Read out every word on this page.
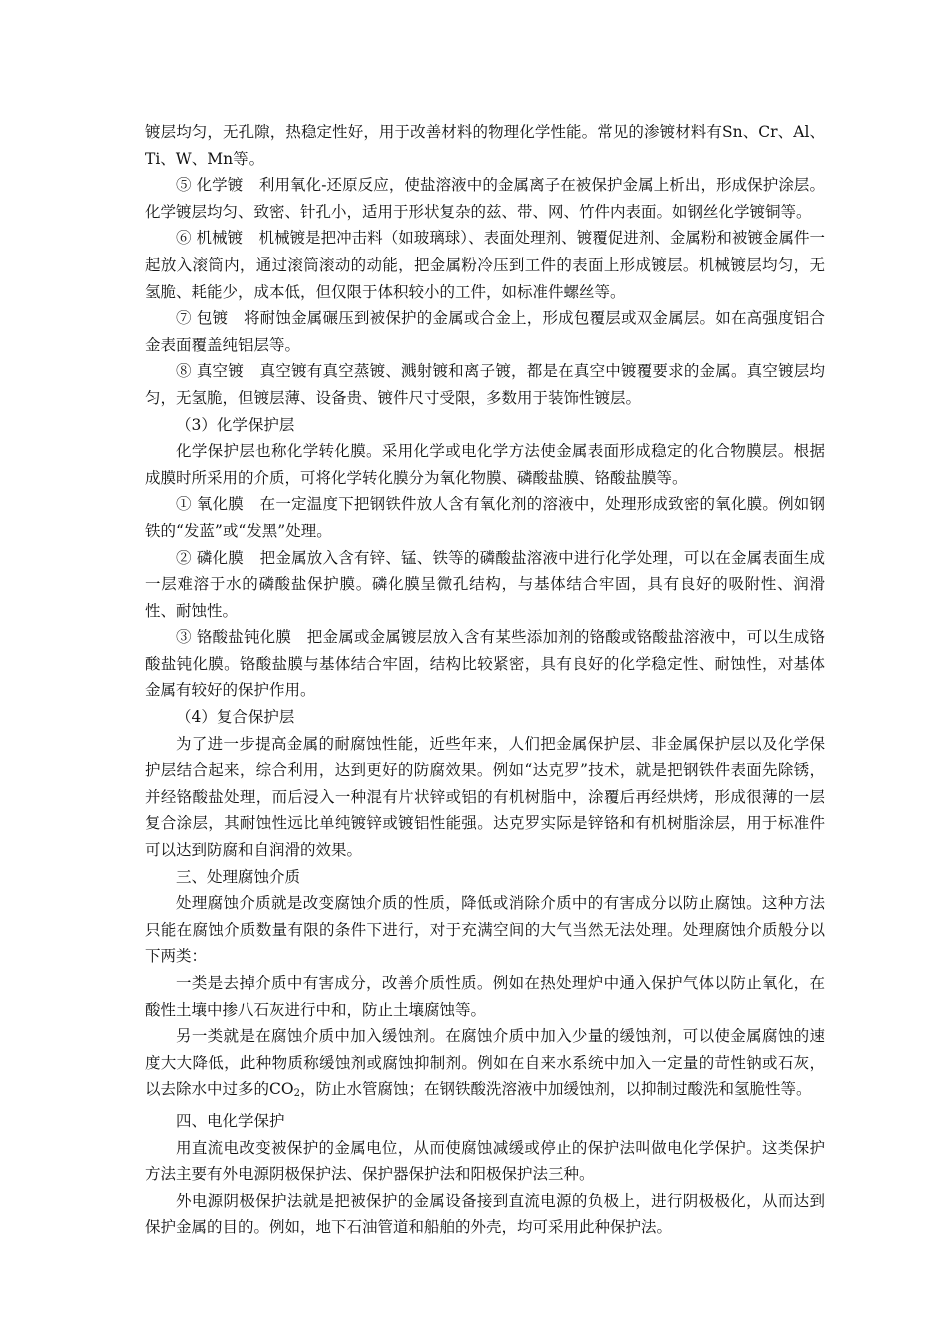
镀层均匀，无孔隙，热稳定性好，用于改善材料的物理化学性能。常见的渗镀材料有Sn、Cr、Al、Ti、W、Mn等。

⑤ 化学镀　利用氧化-还原反应，使盐溶液中的金属离子在被保护金属上析出，形成保护涂层。化学镀层均匀、致密、针孔小，适用于形状复杂的兹、带、网、竹件内表面。如钢丝化学镀铜等。

⑥ 机械镀　机械镀是把冲击料（如玻璃球）、表面处理剂、镀覆促进剂、金属粉和被镀金属件一起放入滚筒内，通过滚筒滚动的动能，把金属粉冷压到工件的表面上形成镀层。机械镀层均匀，无氢脆、耗能少，成本低，但仅限于体积较小的工件，如标准件螺丝等。

⑦ 包镀　将耐蚀金属碾压到被保护的金属或合金上，形成包覆层或双金属层。如在高强度铝合金表面覆盖纯铝层等。

⑧ 真空镀　真空镀有真空蒸镀、溅射镀和离子镀，都是在真空中镀覆要求的金属。真空镀层均匀，无氢脆，但镀层薄、设备贵、镀件尺寸受限，多数用于装饰性镀层。

（3）化学保护层

化学保护层也称化学转化膜。采用化学或电化学方法使金属表面形成稳定的化合物膜层。根据成膜时所采用的介质，可将化学转化膜分为氧化物膜、磷酸盐膜、铬酸盐膜等。

① 氧化膜　在一定温度下把钢铁件放人含有氧化剂的溶液中，处理形成致密的氧化膜。例如钢铁的“发蓝”或“发黑”处理。

② 磷化膜　把金属放入含有锌、锰、铁等的磷酸盐溶液中进行化学处理，可以在金属表面生成一层难溶于水的磷酸盐保护膜。磷化膜呈微孔结构，与基体结合牢固，具有良好的吸附性、润滑性、耐蚀性。

③ 铬酸盐钝化膜　把金属或金属镀层放入含有某些添加剂的铬酸或铬酸盐溶液中，可以生成铬酸盐钝化膜。铬酸盐膜与基体结合牢固，结构比较紧密，具有良好的化学稳定性、耐蚀性，对基体金属有较好的保护作用。

（4）复合保护层

为了进一步提高金属的耐腐蚀性能，近些年来，人们把金属保护层、非金属保护层以及化学保护层结合起来，综合利用，达到更好的防腐效果。例如“达克罗”技术，就是把钢铁件表面先除锈，并经铬酸盐处理，而后浸入一种混有片状锌或铝的有机树脂中，涂覆后再经烘烤，形成很薄的一层复合涂层，其耐蚀性远比单纯镀锌或镀铝性能强。达克罗实际是锌铬和有机树脂涂层，用于标准件可以达到防腐和自润滑的效果。

三、处理腐蚀介质

处理腐蚀介质就是改变腐蚀介质的性质，降低或消除介质中的有害成分以防止腐蚀。这种方法只能在腐蚀介质数量有限的条件下进行，对于充满空间的大气当然无法处理。处理腐蚀介质般分以下两类：

一类是去掉介质中有害成分，改善介质性质。例如在热处理炉中通入保护气体以防止氧化，在酸性土壤中掺八石灰进行中和，防止土壤腐蚀等。

另一类就是在腐蚀介质中加入缓蚀剂。在腐蚀介质中加入少量的缓蚀剂，可以使金属腐蚀的速度大大降低，此种物质称缓蚀剂或腐蚀抑制剂。例如在自来水系统中加入一定量的苛性钠或石灰，以去除水中过多的$CO_2$，防止水管腐蚀；在钢铁酸洗溶液中加缓蚀剂，以抑制过酸洗和氢脆性等。

四、电化学保护

用直流电改变被保护的金属电位，从而使腐蚀减缓或停止的保护法叫做电化学保护。这类保护方法主要有外电源阴极保护法、保护器保护法和阳极保护法三种。

外电源阴极保护法就是把被保护的金属设备接到直流电源的负极上，进行阴极极化，从而达到保护金属的目的。例如，地下石油管道和船舶的外壳，均可采用此种保护法。
